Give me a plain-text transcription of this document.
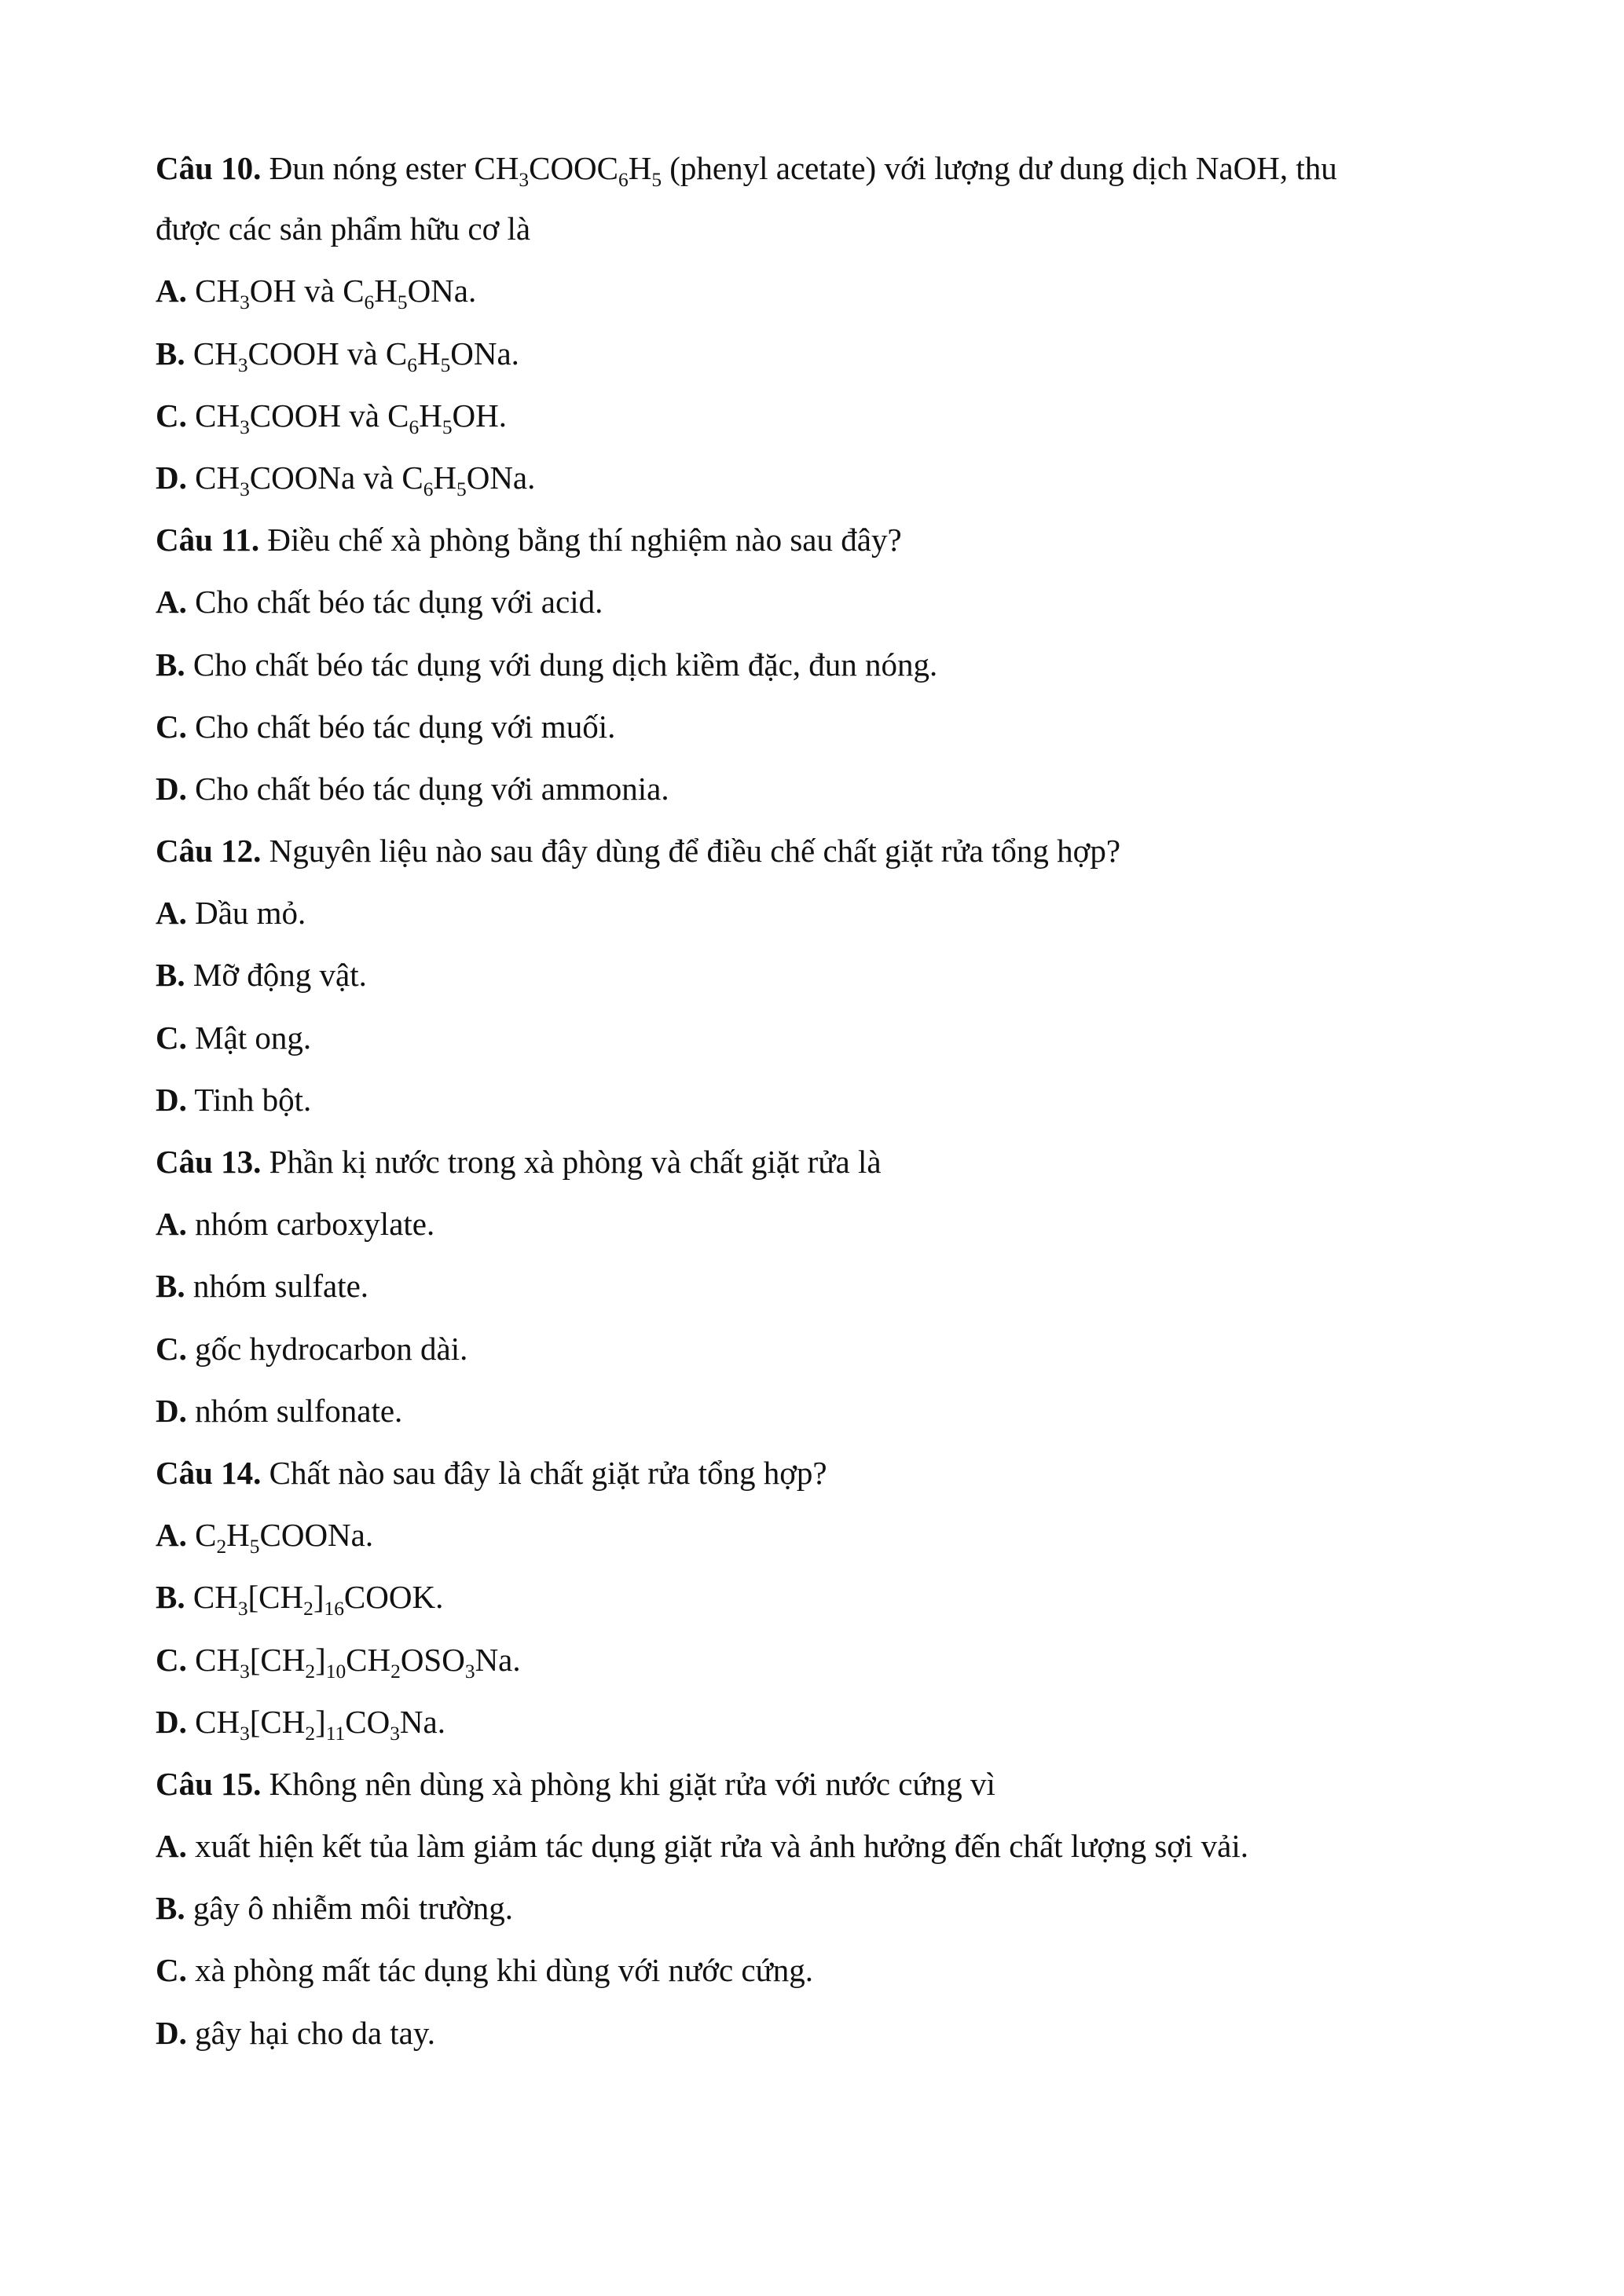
Câu 10. Đun nóng ester $CH_3COOC_6H_5$ (phenyl acetate) với lượng dư dung dịch NaOH, thu
được các sản phẩm hữu cơ là
A. $CH_3OH$ và $C_6H_5ONa$.
B. $CH_3COOH$ và $C_6H_5ONa$.
C. $CH_3COOH$ và $C_6H_5OH$.
D. $CH_3COONa$ và $C_6H_5ONa$.
Câu 11. Điều chế xà phòng bằng thí nghiệm nào sau đây?
A. Cho chất béo tác dụng với acid.
B. Cho chất béo tác dụng với dung dịch kiềm đặc, đun nóng.
C. Cho chất béo tác dụng với muối.
D. Cho chất béo tác dụng với ammonia.
Câu 12. Nguyên liệu nào sau đây dùng để điều chế chất giặt rửa tổng hợp?
A. Dầu mỏ.
B. Mỡ động vật.
C. Mật ong.
D. Tinh bột.
Câu 13. Phần kị nước trong xà phòng và chất giặt rửa là
A. nhóm carboxylate.
B. nhóm sulfate.
C. gốc hydrocarbon dài.
D. nhóm sulfonate.
Câu 14. Chất nào sau đây là chất giặt rửa tổng hợp?
A. $C_2H_5COONa$.
B. $CH_3[CH_2]_{16}COOK$.
C. $CH_3[CH_2]_{10}CH_2OSO_3Na$.
D. $CH_3[CH_2]_{11}CO_3Na$.
Câu 15. Không nên dùng xà phòng khi giặt rửa với nước cứng vì
A. xuất hiện kết tủa làm giảm tác dụng giặt rửa và ảnh hưởng đến chất lượng sợi vải.
B. gây ô nhiễm môi trường.
C. xà phòng mất tác dụng khi dùng với nước cứng.
D. gây hại cho da tay.
